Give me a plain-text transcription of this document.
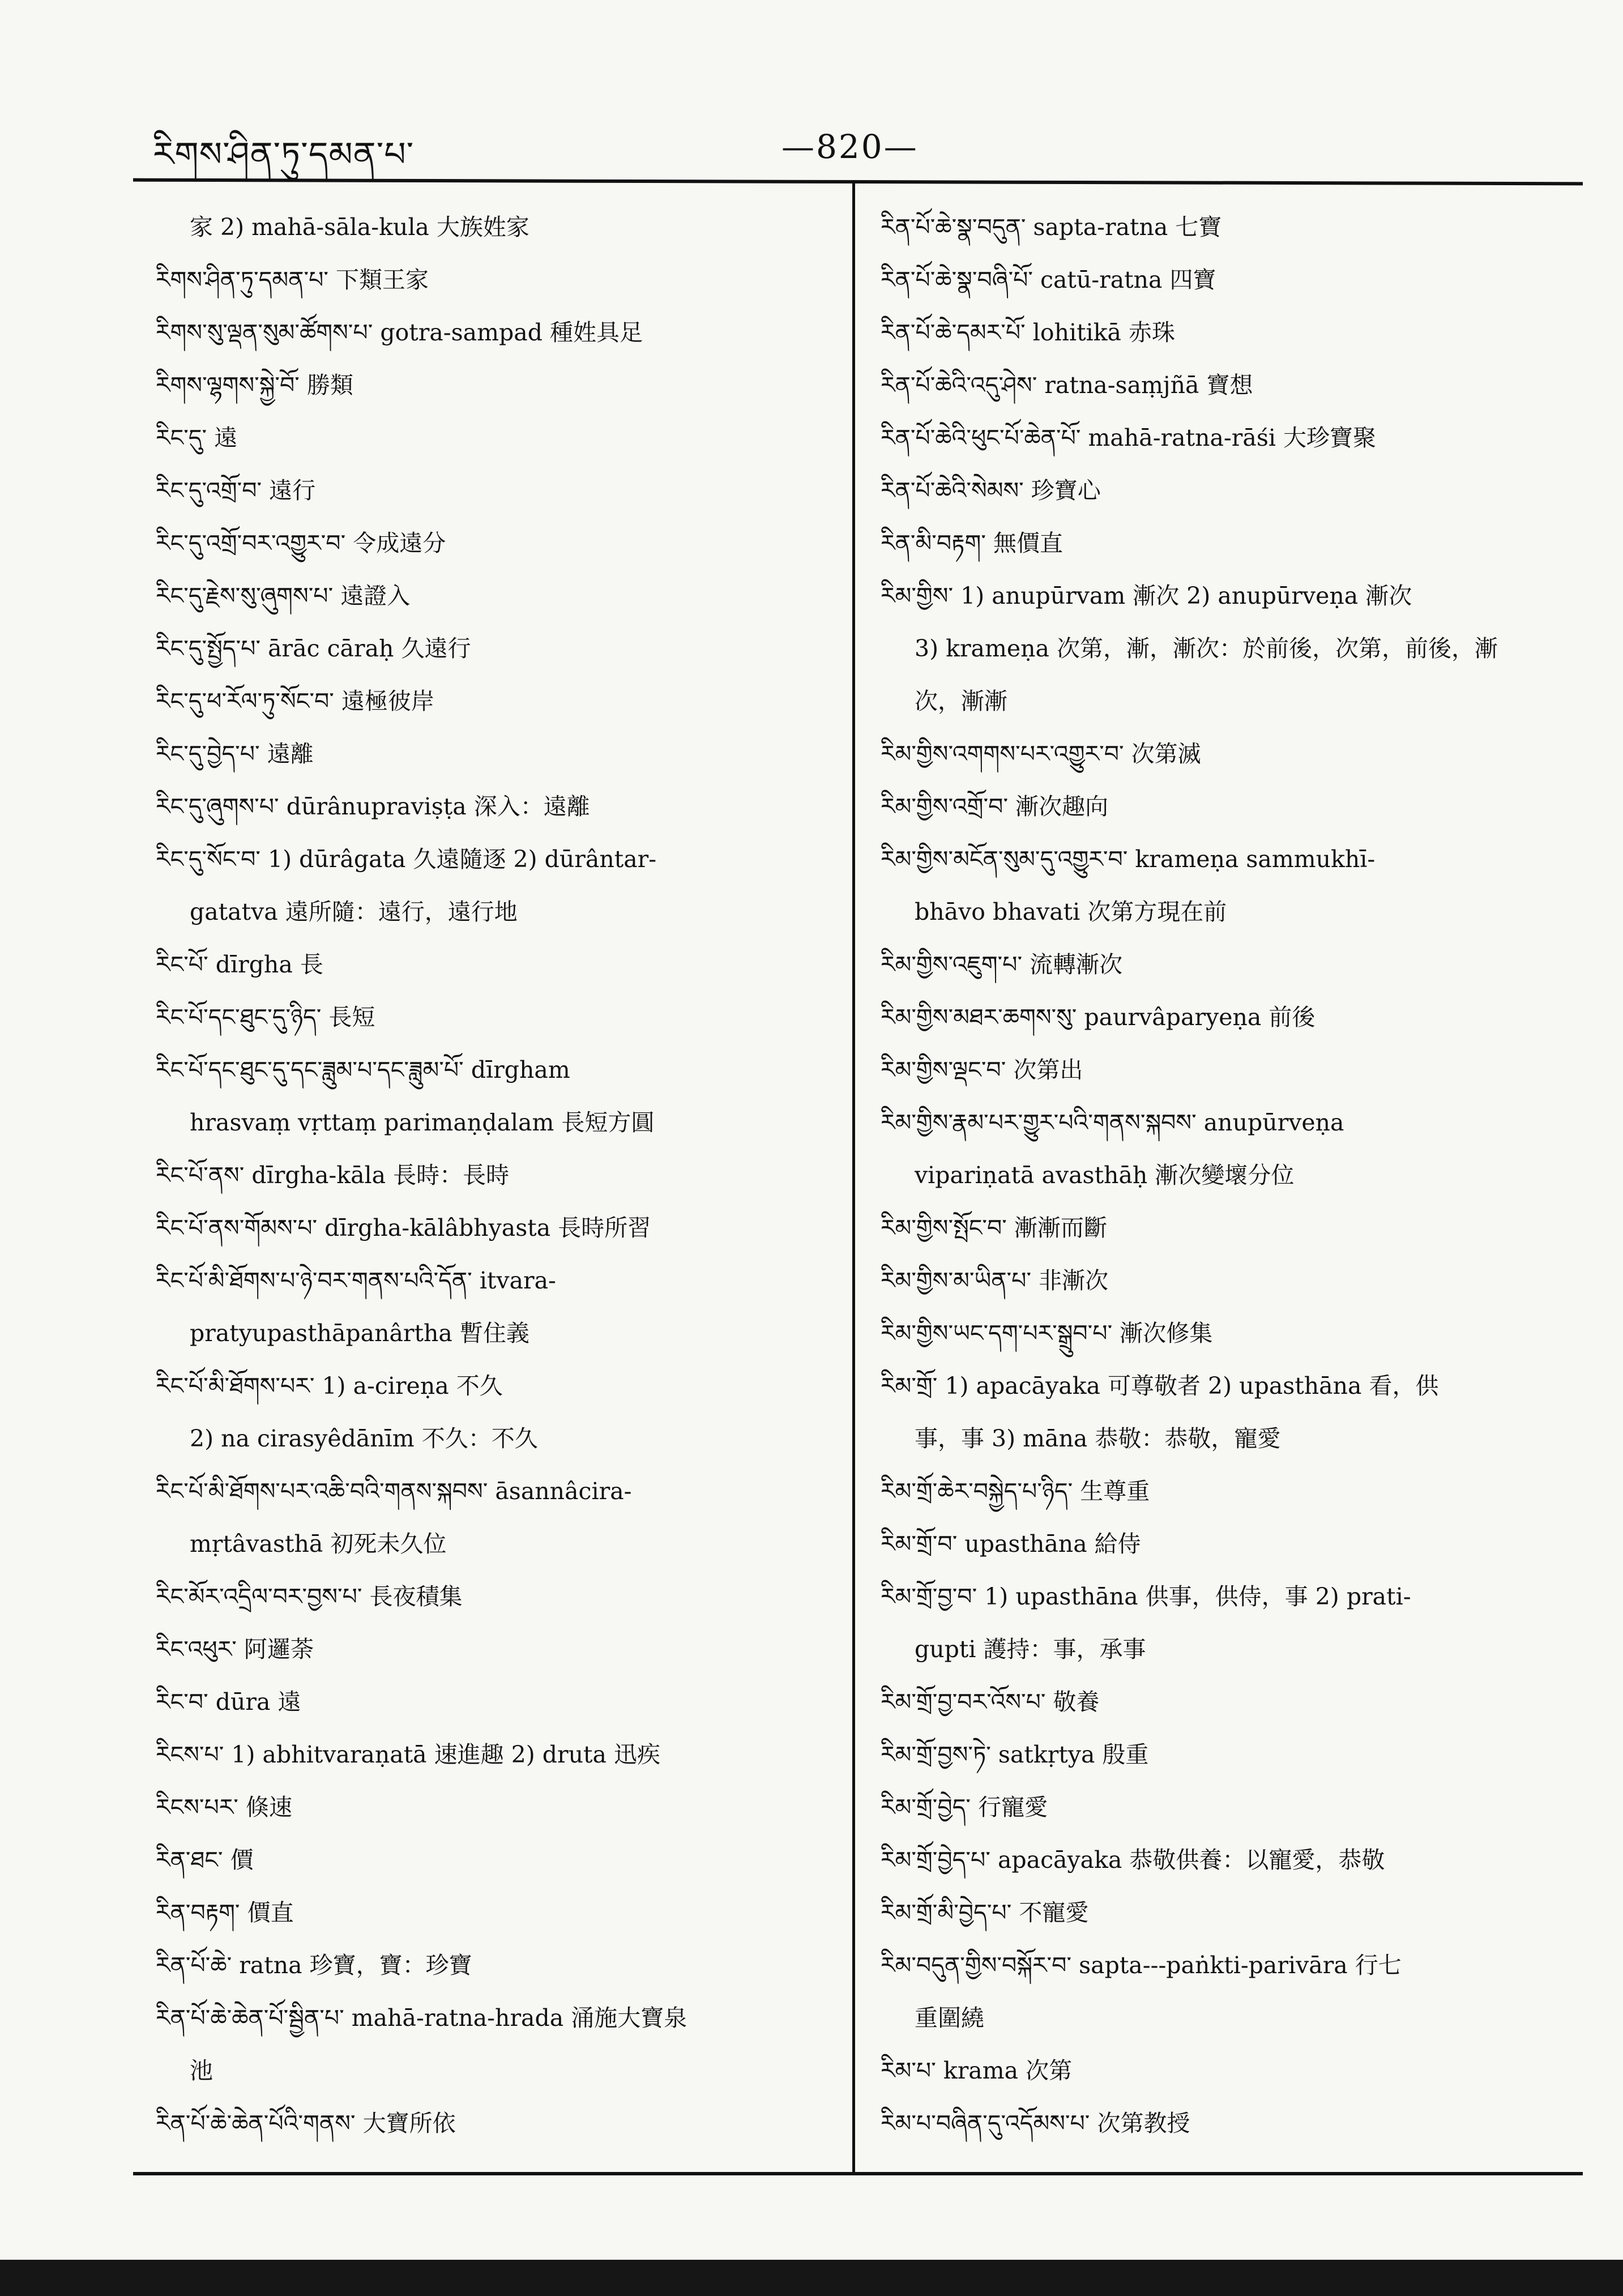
རིགས་ཤིན་ཏུ་དམན་པ་	—820—

家 2) mahā-sāla-kula 大族姓家

རིགས་ཤིན་ཏུ་དམན་པ་ 下類王家

རིགས་སུ་ལྡན་སུམ་ཚོགས་པ་ gotra-sampad 種姓具足

རིགས་ལྷགས་སྐྱེ་བོ་ 勝類

རིང་དུ་ 遠

རིང་དུ་འགྲོ་བ་ 遠行

རིང་དུ་འགྲོ་བར་འགྱུར་བ་ 令成遠分

རིང་དུ་རྗེས་སུ་ཞུགས་པ་ 遠證入

རིང་དུ་སྤྱོད་པ་ ārāc cāraḥ 久遠行

རིང་དུ་ཕ་རོལ་ཏུ་སོང་བ་ 遠極彼岸

རིང་དུ་བྱེད་པ་ 遠離

རིང་དུ་ཞུགས་པ་ dūrânupraviṣṭa 深入：遠離

རིང་དུ་སོང་བ་ 1) dūrâgata 久遠隨逐 2) dūrântar-

gatatva 遠所隨：遠行，遠行地

རིང་པོ་ dīrgha 長

རིང་པོ་དང་ཐུང་དུ་ཉིད་ 長短

རིང་པོ་དང་ཐུང་དུ་དང་ཟླུམ་པ་དང་ཟླུམ་པོ་ dīrgham

hrasvaṃ vṛttaṃ parimaṇḍalam 長短方圓

རིང་པོ་ནས་ dīrgha-kāla 長時：長時

རིང་པོ་ནས་གོམས་པ་ dīrgha-kālâbhyasta 長時所習

རིང་པོ་མི་ཐོགས་པ་ཉེ་བར་གནས་པའི་དོན་ itvara-

pratyupasthāpanârtha 暫住義

རིང་པོ་མི་ཐོགས་པར་ 1) a-cireṇa 不久

2) na cirasyêdānīm 不久：不久

རིང་པོ་མི་ཐོགས་པར་འཆི་བའི་གནས་སྐབས་ āsannâcira-

mṛtâvasthā 初死未久位

རིང་མོར་འདྲིལ་བར་བྱས་པ་ 長夜積集

རིང་འཕུར་ 阿邏荼

རིང་བ་ dūra 遠

རིངས་པ་ 1) abhitvaraṇatā 速進趣 2) druta 迅疾

རིངས་པར་ 倏速

རིན་ཐང་ 價

རིན་བརྟག་ 價直

རིན་པོ་ཆེ་ ratna 珍寶，寶：珍寶

རིན་པོ་ཆེ་ཆེན་པོ་སྦྱིན་པ་ mahā-ratna-hrada 涌施大寶泉

池

རིན་པོ་ཆེ་ཆེན་པོའི་གནས་ 大寶所依

རིན་པོ་ཆེ་སྣ་བདུན་ sapta-ratna 七寶

རིན་པོ་ཆེ་སྣ་བཞི་པོ་ catū-ratna 四寶

རིན་པོ་ཆེ་དམར་པོ་ lohitikā 赤珠

རིན་པོ་ཆེའི་འདུ་ཤེས་ ratna-saṃjñā 寶想

རིན་པོ་ཆེའི་ཕུང་པོ་ཆེན་པོ་ mahā-ratna-rāśi 大珍寶聚

རིན་པོ་ཆེའི་སེམས་ 珍寶心

རིན་མི་བརྟག་ 無價直

རིམ་གྱིས་ 1) anupūrvam 漸次 2) anupūrveṇa 漸次

3) krameṇa 次第，漸，漸次：於前後，次第，前後，漸

次，漸漸

རིམ་གྱིས་འགགས་པར་འགྱུར་བ་ 次第滅

རིམ་གྱིས་འགྲོ་བ་ 漸次趣向

རིམ་གྱིས་མངོན་སུམ་དུ་འགྱུར་བ་ krameṇa sammukhī-

bhāvo bhavati 次第方現在前

རིམ་གྱིས་འཇུག་པ་ 流轉漸次

རིམ་གྱིས་མཐར་ཆགས་སུ་ paurvâparyeṇa 前後

རིམ་གྱིས་ལྡང་བ་ 次第出

རིམ་གྱིས་རྣམ་པར་གྱུར་པའི་གནས་སྐབས་ anupūrveṇa

vipariṇatā avasthāḥ 漸次變壞分位

རིམ་གྱིས་སྤོང་བ་ 漸漸而斷

རིམ་གྱིས་མ་ཡིན་པ་ 非漸次

རིམ་གྱིས་ཡང་དག་པར་སྒྲུབ་པ་ 漸次修集

རིམ་གྲོ་ 1) apacāyaka 可尊敬者 2) upasthāna 看，供

事，事 3) māna 恭敬：恭敬，寵愛

རིམ་གྲོ་ཆེར་བསྐྱེད་པ་ཉིད་ 生尊重

རིམ་གྲོ་བ་ upasthāna 給侍

རིམ་གྲོ་བྱ་བ་ 1) upasthāna 供事，供侍，事 2) prati-

gupti 護持：事，承事

རིམ་གྲོ་བྱ་བར་འོས་པ་ 敬養

རིམ་གྲོ་བྱས་ཏེ་ satkṛtya 殷重

རིམ་གྲོ་བྱེད་ 行寵愛

རིམ་གྲོ་བྱེད་པ་ apacāyaka 恭敬供養：以寵愛，恭敬

རིམ་གྲོ་མི་བྱེད་པ་ 不寵愛

རིམ་བདུན་གྱིས་བསྐོར་བ་ sapta---paṅkti-parivāra 行七

重圍繞

རིམ་པ་ krama 次第

རིམ་པ་བཞིན་དུ་འདོམས་པ་ 次第教授
